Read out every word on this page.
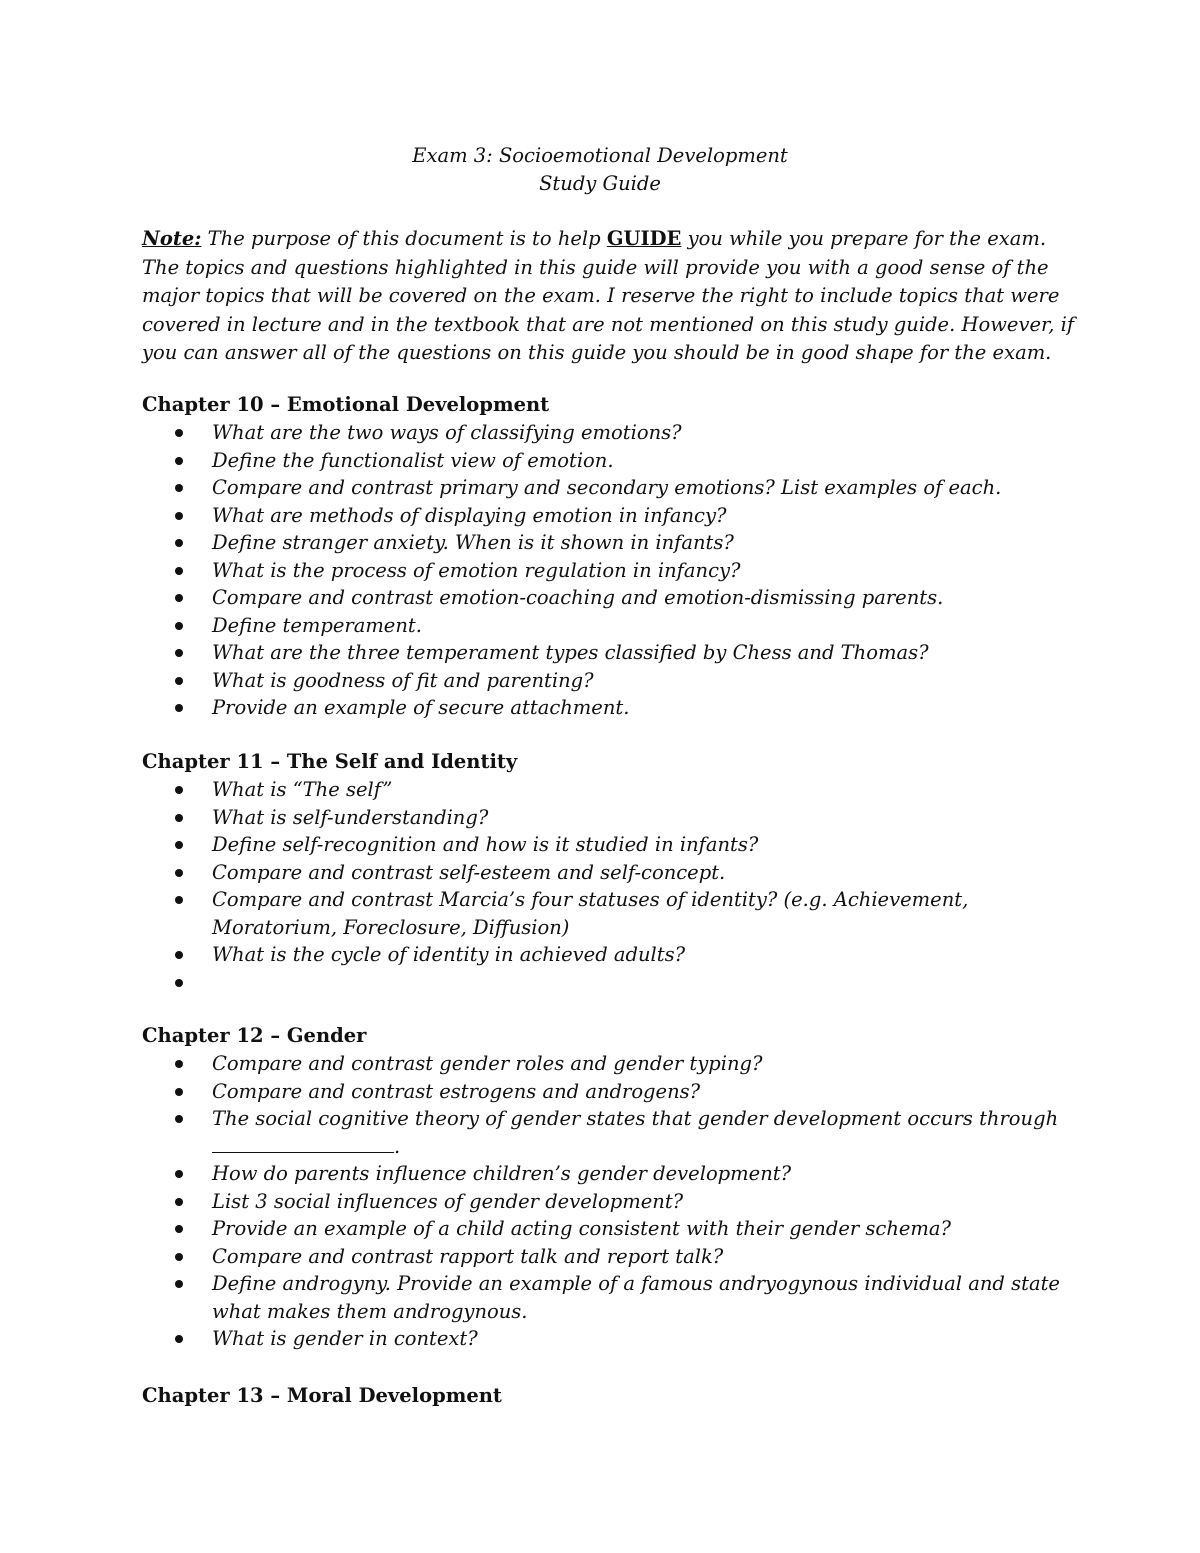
Exam 3: Socioemotional Development
Study Guide
Note: The purpose of this document is to help GUIDE you while you prepare for the exam. The topics and questions highlighted in this guide will provide you with a good sense of the major topics that will be covered on the exam. I reserve the right to include topics that were covered in lecture and in the textbook that are not mentioned on this study guide. However, if you can answer all of the questions on this guide you should be in good shape for the exam.
Chapter 10 – Emotional Development
What are the two ways of classifying emotions?
Define the functionalist view of emotion.
Compare and contrast primary and secondary emotions? List examples of each.
What are methods of displaying emotion in infancy?
Define stranger anxiety. When is it shown in infants?
What is the process of emotion regulation in infancy?
Compare and contrast emotion-coaching and emotion-dismissing parents.
Define temperament.
What are the three temperament types classified by Chess and Thomas?
What is goodness of fit and parenting?
Provide an example of secure attachment.
Chapter 11 – The Self and Identity
What is “The self”
What is self-understanding?
Define self-recognition and how is it studied in infants?
Compare and contrast self-esteem and self-concept.
Compare and contrast Marcia’s four statuses of identity? (e.g. Achievement, Moratorium, Foreclosure, Diffusion)
What is the cycle of identity in achieved adults?
Chapter 12 – Gender
Compare and contrast gender roles and gender typing?
Compare and contrast estrogens and androgens?
The social cognitive theory of gender states that gender development occurs through
.
How do parents influence children’s gender development?
List 3 social influences of gender development?
Provide an example of a child acting consistent with their gender schema?
Compare and contrast rapport talk and report talk?
Define androgyny. Provide an example of a famous andryogynous individual and state what makes them androgynous.
What is gender in context?
Chapter 13 – Moral Development
